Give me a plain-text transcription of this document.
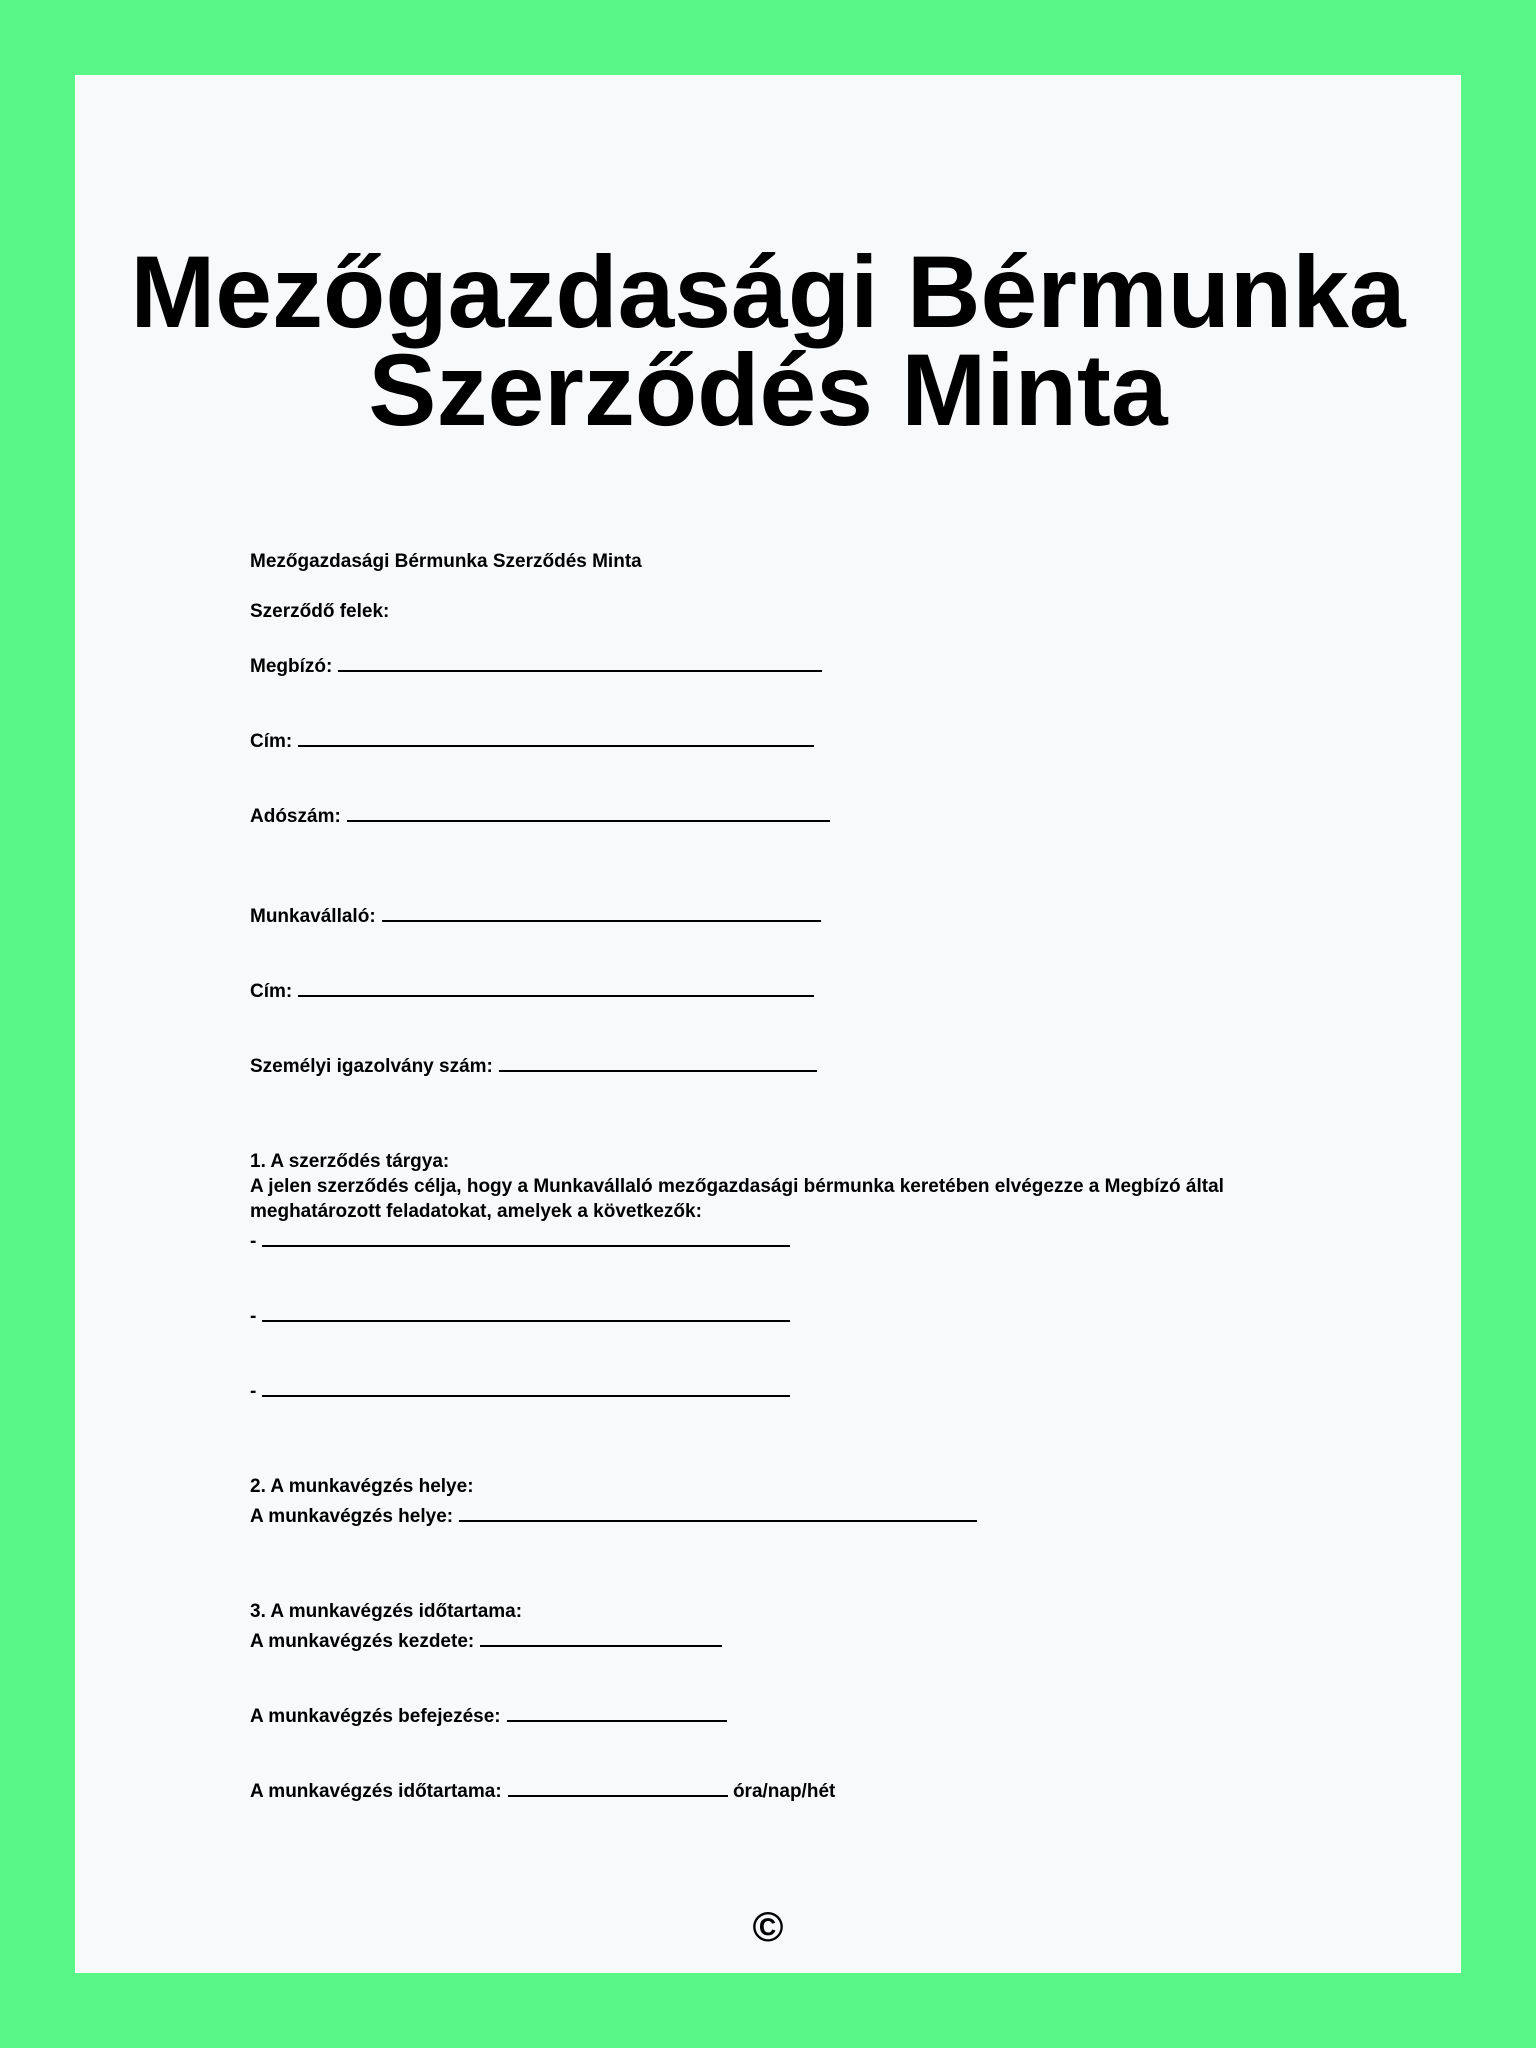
Mezőgazdasági Bérmunka
Szerződés Minta
Mezőgazdasági Bérmunka Szerződés Minta
Szerződő felek:
Megbízó:
Cím:
Adószám:
Munkavállaló:
Cím:
Személyi igazolvány szám:
1. A szerződés tárgya:
A jelen szerződés célja, hogy a Munkavállaló mezőgazdasági bérmunka keretében elvégezze a Megbízó által
meghatározott feladatokat, amelyek a következők:
-
-
-
2. A munkavégzés helye:
A munkavégzés helye:
3. A munkavégzés időtartama:
A munkavégzés kezdete:
A munkavégzés befejezése:
A munkavégzés időtartama:	óra/nap/hét
©
